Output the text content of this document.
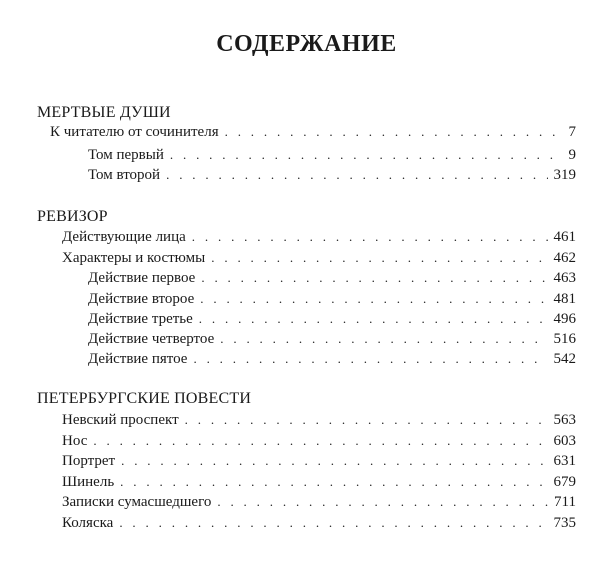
СОДЕРЖАНИЕ
МЕРТВЫЕ ДУШИ
К читателю от сочинителя . . .	7
Том первый . . .	9
Том второй . . .	319
РЕВИЗОР
Действующие лица . . .	461
Характеры и костюмы . . .	462
Действие первое . . .	463
Действие второе . . .	481
Действие третье . . .	496
Действие четвертое . . .	516
Действие пятое . . .	542
ПЕТЕРБУРГСКИЕ ПОВЕСТИ
Невский проспект . . .	563
Нос . . .	603
Портрет . . .	631
Шинель . . .	679
Записки сумасшедшего . . .	711
Коляска . . .	735
